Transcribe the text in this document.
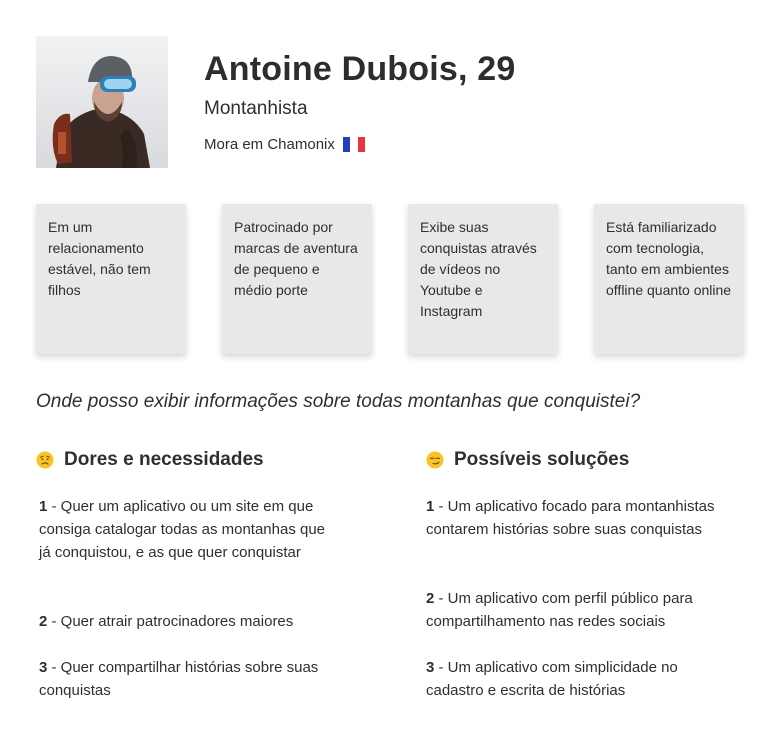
Antoine Dubois, 29
Montanhista
Mora em Chamonix
Em um relacionamento estável, não tem filhos
Patrocinado por marcas de aventura de pequeno e médio porte
Exibe suas conquistas através de vídeos no Youtube e Instagram
Está familiarizado com tecnologia, tanto em ambientes offline quanto online
Onde posso exibir informações sobre todas montanhas que conquistei?
Dores e necessidades
1 - Quer um aplicativo ou um site em que consiga catalogar todas as montanhas que já conquistou, e as que quer conquistar
2 - Quer atrair patrocinadores maiores
3 - Quer compartilhar histórias sobre suas conquistas
Possíveis soluções
1 - Um aplicativo focado para montanhistas contarem histórias sobre suas conquistas
2 - Um aplicativo com perfil público para compartilhamento nas redes sociais
3 - Um aplicativo com simplicidade no cadastro e escrita de histórias
